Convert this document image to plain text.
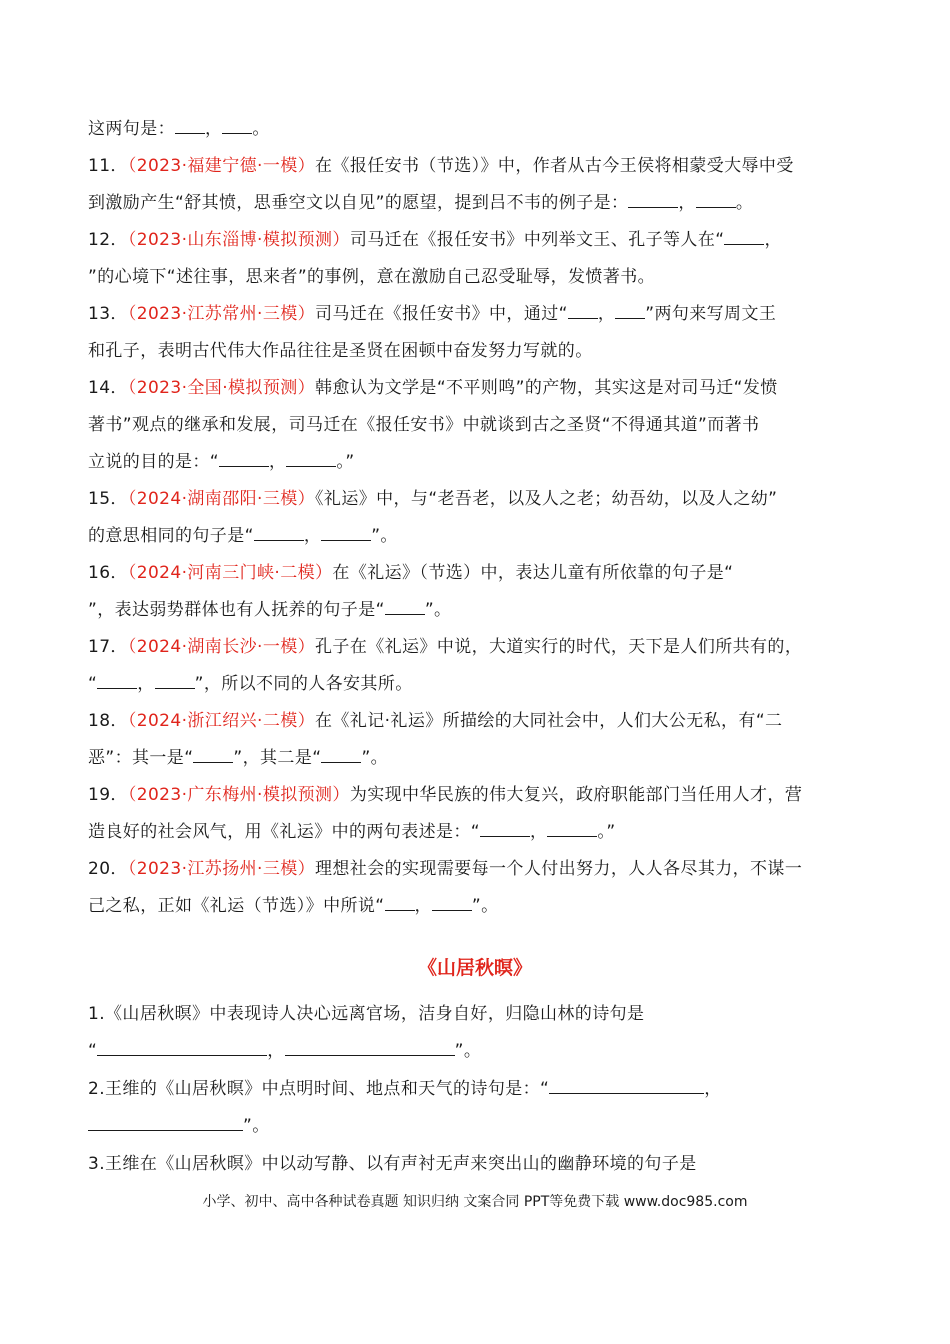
这两句是： ， 。
11．（2023·福建宁德·一模）在《报任安书（节选）》中，作者从古今王侯将相蒙受大辱中受
到激励产生“舒其愤，思垂空文以自见”的愿望，提到吕不韦的例子是：	， 。
12．（2023·山东淄博·模拟预测）司马迁在《报任安书》中列举文王、孔子等人在“ ，
”的心境下“述往事，思来者”的事例，意在激励自己忍受耻辱，发愤著书。
13．（2023·江苏常州·三模）司马迁在《报任安书》中，通过“ ， ”两句来写周文王
和孔子，表明古代伟大作品往往是圣贤在困顿中奋发努力写就的。
14．（2023·全国·模拟预测）韩愈认为文学是“不平则鸣”的产物，其实这是对司马迁“发愤
著书”观点的继承和发展，司马迁在《报任安书》中就谈到古之圣贤“不得通其道”而著书
立说的目的是：“	，	。”
15．（2024·湖南邵阳·三模）《礼运》中，与“老吾老，以及人之老；幼吾幼，以及人之幼”
的意思相同的句子是“	，	”。
16．（2024·河南三门峡·二模）在《礼运》（节选）中，表达儿童有所依靠的句子是“
”，表达弱势群体也有人抚养的句子是“ ”。
17．（2024·湖南长沙·一模）孔子在《礼运》中说，大道实行的时代，天下是人们所共有的，
“ ， ”，所以不同的人各安其所。
18．（2024·浙江绍兴·二模）在《礼记·礼运》所描绘的大同社会中，人们大公无私，有“二
恶”：其一是“ ”，其二是“ ”。
19．（2023·广东梅州·模拟预测）为实现中华民族的伟大复兴，政府职能部门当任用人才，营
造良好的社会风气，用《礼运》中的两句表述是：“	，	。”
20．（2023·江苏扬州·三模）理想社会的实现需要每一个人付出努力，人人各尽其力，不谋一
己之私，正如《礼运（节选）》中所说“ ， ”。
《山居秋暝》
1.《山居秋暝》中表现诗人决心远离官场，洁身自好，归隐山林的诗句是
“	，	”。
2.王维的《山居秋暝》中点明时间、地点和天气的诗句是：“	，
”。
3.王维在《山居秋暝》中以动写静、以有声衬无声来突出山的幽静环境的句子是
小学、初中、高中各种试卷真题 知识归纳 文案合同 PPT等免费下载 www.doc985.com
